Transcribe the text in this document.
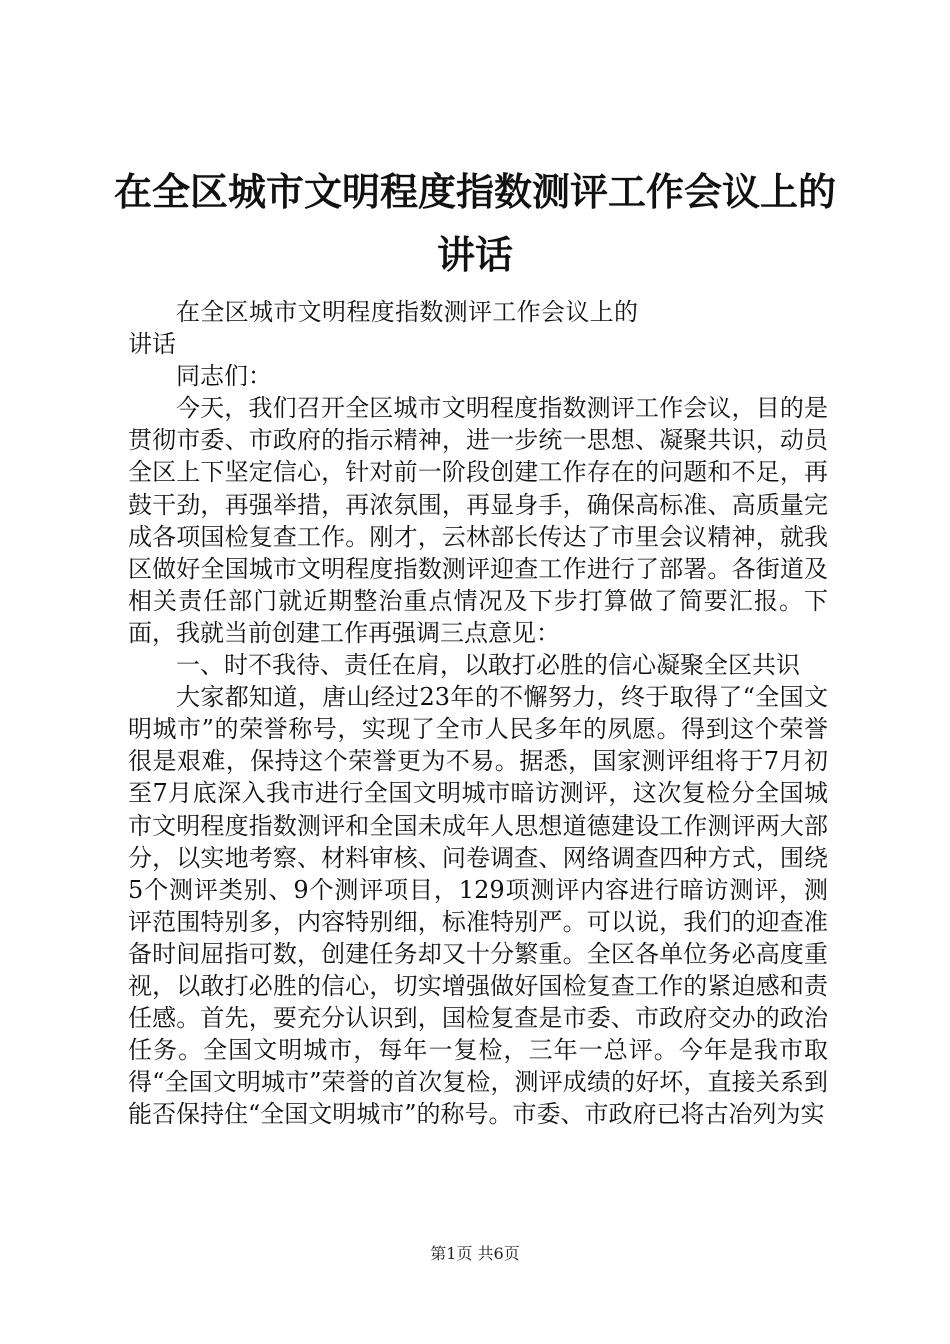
在全区城市文明程度指数测评工作会议上的讲话

在全区城市文明程度指数测评工作会议上的讲话

同志们：

今天，我们召开全区城市文明程度指数测评工作会议，目的是贯彻市委、市政府的指示精神，进一步统一思想、凝聚共识，动员全区上下坚定信心，针对前一阶段创建工作存在的问题和不足，再鼓干劲，再强举措，再浓氛围，再显身手，确保高标准、高质量完成各项国检复查工作。刚才，云林部长传达了市里会议精神，就我区做好全国城市文明程度指数测评迎查工作进行了部署。各街道及相关责任部门就近期整治重点情况及下步打算做了简要汇报。下面，我就当前创建工作再强调三点意见：

一、时不我待、责任在肩，以敢打必胜的信心凝聚全区共识

大家都知道，唐山经过23年的不懈努力，终于取得了“全国文明城市”的荣誉称号，实现了全市人民多年的夙愿。得到这个荣誉很是艰难，保持这个荣誉更为不易。据悉，国家测评组将于7月初至7月底深入我市进行全国文明城市暗访测评，这次复检分全国城市文明程度指数测评和全国未成年人思想道德建设工作测评两大部分，以实地考察、材料审核、问卷调查、网络调查四种方式，围绕5个测评类别、9个测评项目，129项测评内容进行暗访测评，测评范围特别多，内容特别细，标准特别严。可以说，我们的迎查准备时间屈指可数，创建任务却又十分繁重。全区各单位务必高度重视，以敢打必胜的信心，切实增强做好国检复查工作的紧迫感和责任感。首先，要充分认识到，国检复查是市委、市政府交办的政治任务。全国文明城市，每年一复检，三年一总评。今年是我市取得“全国文明城市”荣誉的首次复检，测评成绩的好坏，直接关系到能否保持住“全国文明城市”的称号。市委、市政府已将古冶列为实

第1页 共6页
